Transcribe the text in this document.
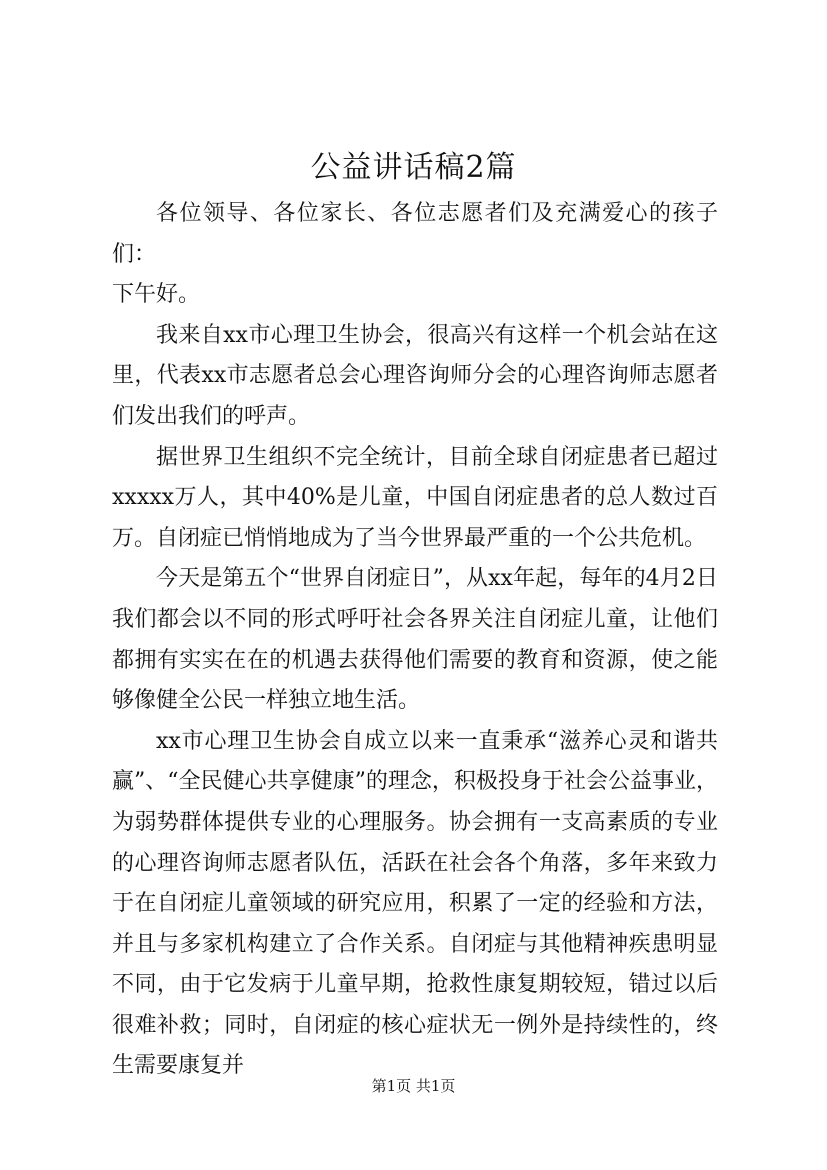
公益讲话稿2篇

各位领导、各位家长、各位志愿者们及充满爱心的孩子们：

下午好。

我来自xx市心理卫生协会，很高兴有这样一个机会站在这里，代表xx市志愿者总会心理咨询师分会的心理咨询师志愿者们发出我们的呼声。

据世界卫生组织不完全统计，目前全球自闭症患者已超过xxxxx万人，其中40%是儿童，中国自闭症患者的总人数过百万。自闭症已悄悄地成为了当今世界最严重的一个公共危机。

今天是第五个“世界自闭症日”，从xx年起，每年的4月2日我们都会以不同的形式呼吁社会各界关注自闭症儿童，让他们都拥有实实在在的机遇去获得他们需要的教育和资源，使之能够像健全公民一样独立地生活。

xx市心理卫生协会自成立以来一直秉承“滋养心灵和谐共赢”、“全民健心共享健康”的理念，积极投身于社会公益事业，为弱势群体提供专业的心理服务。协会拥有一支高素质的专业的心理咨询师志愿者队伍，活跃在社会各个角落，多年来致力于在自闭症儿童领域的研究应用，积累了一定的经验和方法，并且与多家机构建立了合作关系。自闭症与其他精神疾患明显不同，由于它发病于儿童早期，抢救性康复期较短，错过以后很难补救；同时，自闭症的核心症状无一例外是持续性的，终生需要康复并

第1页 共1页
